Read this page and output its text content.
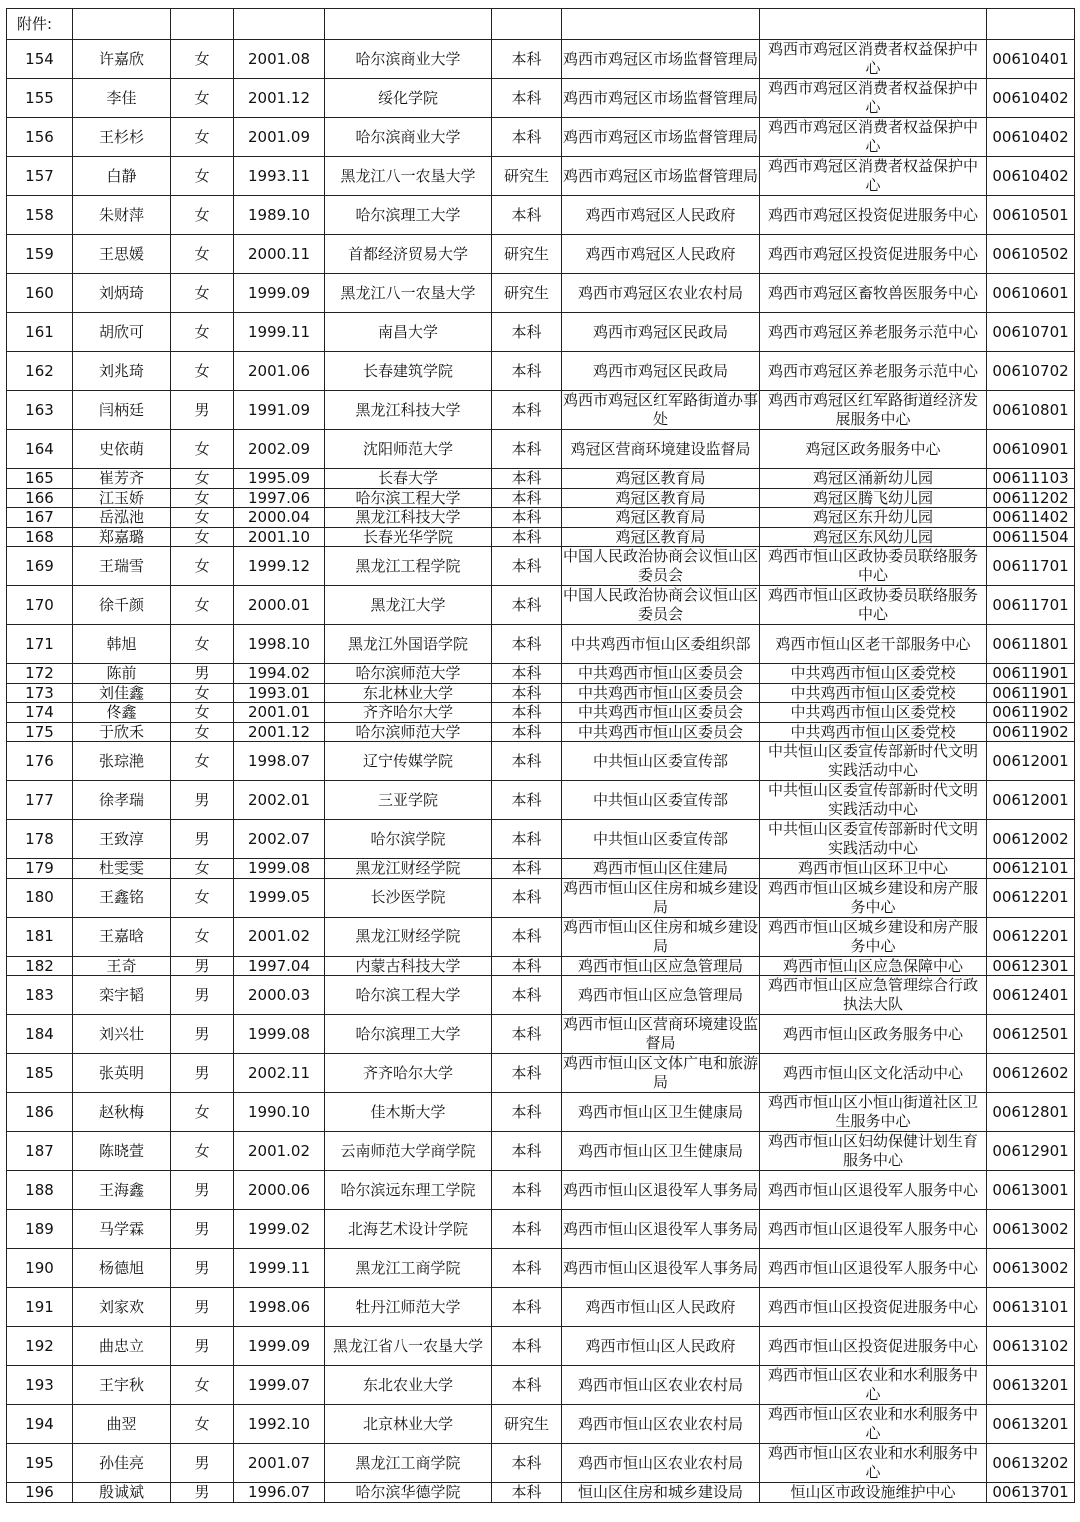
附件:								
154	许嘉欣	女	2001.08	哈尔滨商业大学	本科	鸡西市鸡冠区市场监督管理局	鸡西市鸡冠区消费者权益保护中心	00610401
155	李佳	女	2001.12	绥化学院	本科	鸡西市鸡冠区市场监督管理局	鸡西市鸡冠区消费者权益保护中心	00610402
156	王杉杉	女	2001.09	哈尔滨商业大学	本科	鸡西市鸡冠区市场监督管理局	鸡西市鸡冠区消费者权益保护中心	00610402
157	白静	女	1993.11	黑龙江八一农垦大学	研究生	鸡西市鸡冠区市场监督管理局	鸡西市鸡冠区消费者权益保护中心	00610402
158	朱财萍	女	1989.10	哈尔滨理工大学	本科	鸡西市鸡冠区人民政府	鸡西市鸡冠区投资促进服务中心	00610501
159	王思媛	女	2000.11	首都经济贸易大学	研究生	鸡西市鸡冠区人民政府	鸡西市鸡冠区投资促进服务中心	00610502
160	刘炳琦	女	1999.09	黑龙江八一农垦大学	研究生	鸡西市鸡冠区农业农村局	鸡西市鸡冠区畜牧兽医服务中心	00610601
161	胡欣可	女	1999.11	南昌大学	本科	鸡西市鸡冠区民政局	鸡西市鸡冠区养老服务示范中心	00610701
162	刘兆琦	女	2001.06	长春建筑学院	本科	鸡西市鸡冠区民政局	鸡西市鸡冠区养老服务示范中心	00610702
163	闫柄廷	男	1991.09	黑龙江科技大学	本科	鸡西市鸡冠区红军路街道办事处	鸡西市鸡冠区红军路街道经济发展服务中心	00610801
164	史依萌	女	2002.09	沈阳师范大学	本科	鸡冠区营商环境建设监督局	鸡冠区政务服务中心	00610901
165	崔芳齐	女	1995.09	长春大学	本科	鸡冠区教育局	鸡冠区涌新幼儿园	00611103
166	江玉娇	女	1997.06	哈尔滨工程大学	本科	鸡冠区教育局	鸡冠区腾飞幼儿园	00611202
167	岳泓池	女	2000.04	黑龙江科技大学	本科	鸡冠区教育局	鸡冠区东升幼儿园	00611402
168	郑嘉璐	女	2001.10	长春光华学院	本科	鸡冠区教育局	鸡冠区东风幼儿园	00611504
169	王瑞雪	女	1999.12	黑龙江工程学院	本科	中国人民政治协商会议恒山区委员会	鸡西市恒山区政协委员联络服务中心	00611701
170	徐千颜	女	2000.01	黑龙江大学	本科	中国人民政治协商会议恒山区委员会	鸡西市恒山区政协委员联络服务中心	00611701
171	韩旭	女	1998.10	黑龙江外国语学院	本科	中共鸡西市恒山区委组织部	鸡西市恒山区老干部服务中心	00611801
172	陈前	男	1994.02	哈尔滨师范大学	本科	中共鸡西市恒山区委员会	中共鸡西市恒山区委党校	00611901
173	刘佳鑫	女	1993.01	东北林业大学	本科	中共鸡西市恒山区委员会	中共鸡西市恒山区委党校	00611901
174	佟鑫	女	2001.01	齐齐哈尔大学	本科	中共鸡西市恒山区委员会	中共鸡西市恒山区委党校	00611902
175	于欣禾	女	2001.12	哈尔滨师范大学	本科	中共鸡西市恒山区委员会	中共鸡西市恒山区委党校	00611902
176	张琮滟	女	1998.07	辽宁传媒学院	本科	中共恒山区委宣传部	中共恒山区委宣传部新时代文明实践活动中心	00612001
177	徐孝瑞	男	2002.01	三亚学院	本科	中共恒山区委宣传部	中共恒山区委宣传部新时代文明实践活动中心	00612001
178	王致淳	男	2002.07	哈尔滨学院	本科	中共恒山区委宣传部	中共恒山区委宣传部新时代文明实践活动中心	00612002
179	杜雯雯	女	1999.08	黑龙江财经学院	本科	鸡西市恒山区住建局	鸡西市恒山区环卫中心	00612101
180	王鑫铭	女	1999.05	长沙医学院	本科	鸡西市恒山区住房和城乡建设局	鸡西市恒山区城乡建设和房产服务中心	00612201
181	王嘉晗	女	2001.02	黑龙江财经学院	本科	鸡西市恒山区住房和城乡建设局	鸡西市恒山区城乡建设和房产服务中心	00612201
182	王奇	男	1997.04	内蒙古科技大学	本科	鸡西市恒山区应急管理局	鸡西市恒山区应急保障中心	00612301
183	栾宇韬	男	2000.03	哈尔滨工程大学	本科	鸡西市恒山区应急管理局	鸡西市恒山区应急管理综合行政执法大队	00612401
184	刘兴壮	男	1999.08	哈尔滨理工大学	本科	鸡西市恒山区营商环境建设监督局	鸡西市恒山区政务服务中心	00612501
185	张英明	男	2002.11	齐齐哈尔大学	本科	鸡西市恒山区文体广电和旅游局	鸡西市恒山区文化活动中心	00612602
186	赵秋梅	女	1990.10	佳木斯大学	本科	鸡西市恒山区卫生健康局	鸡西市恒山区小恒山街道社区卫生服务中心	00612801
187	陈晓萱	女	2001.02	云南师范大学商学院	本科	鸡西市恒山区卫生健康局	鸡西市恒山区妇幼保健计划生育服务中心	00612901
188	王海鑫	男	2000.06	哈尔滨远东理工学院	本科	鸡西市恒山区退役军人事务局	鸡西市恒山区退役军人服务中心	00613001
189	马学霖	男	1999.02	北海艺术设计学院	本科	鸡西市恒山区退役军人事务局	鸡西市恒山区退役军人服务中心	00613002
190	杨德旭	男	1999.11	黑龙江工商学院	本科	鸡西市恒山区退役军人事务局	鸡西市恒山区退役军人服务中心	00613002
191	刘家欢	男	1998.06	牡丹江师范大学	本科	鸡西市恒山区人民政府	鸡西市恒山区投资促进服务中心	00613101
192	曲忠立	男	1999.09	黑龙江省八一农垦大学	本科	鸡西市恒山区人民政府	鸡西市恒山区投资促进服务中心	00613102
193	王宇秋	女	1999.07	东北农业大学	本科	鸡西市恒山区农业农村局	鸡西市恒山区农业和水利服务中心	00613201
194	曲翌	女	1992.10	北京林业大学	研究生	鸡西市恒山区农业农村局	鸡西市恒山区农业和水利服务中心	00613201
195	孙佳亮	男	2001.07	黑龙江工商学院	本科	鸡西市恒山区农业农村局	鸡西市恒山区农业和水利服务中心	00613202
196	殷诚斌	男	1996.07	哈尔滨华德学院	本科	恒山区住房和城乡建设局	恒山区市政设施维护中心	00613701
